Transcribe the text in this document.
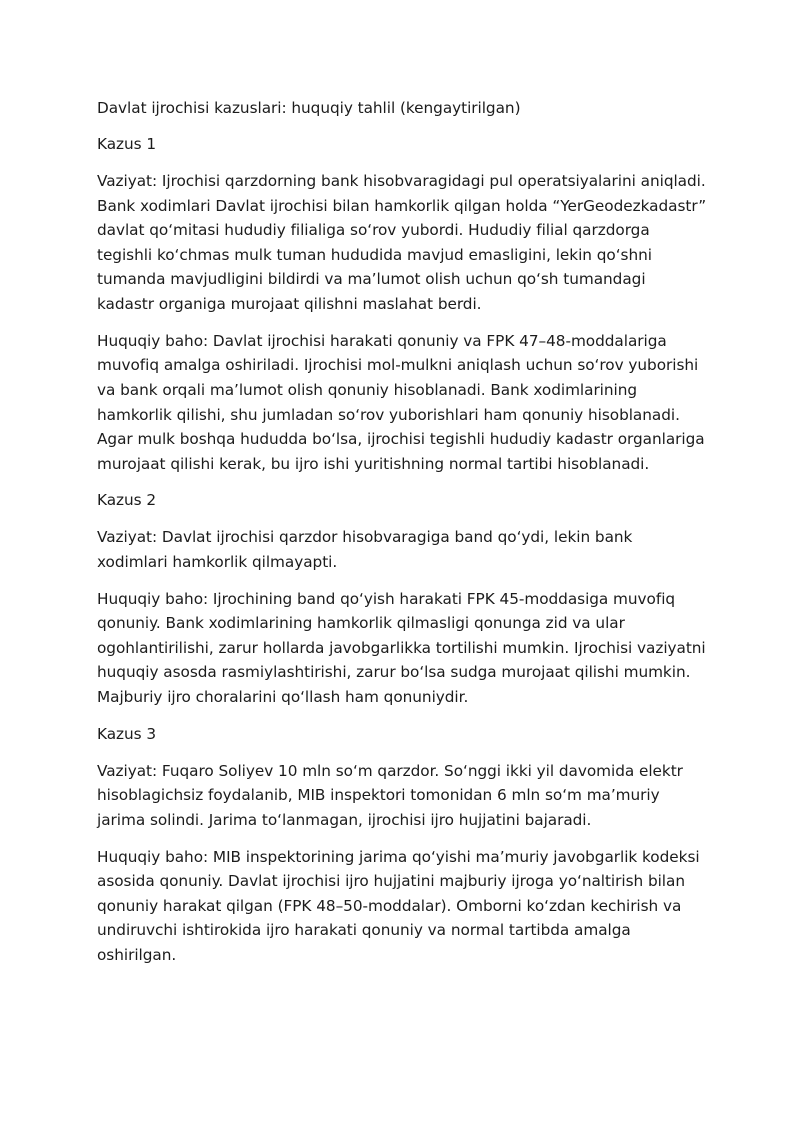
Davlat ijrochisi kazuslari: huquqiy tahlil (kengaytirilgan)

Kazus 1

Vaziyat: Ijrochisi qarzdorning bank hisobvaragidagi pul operatsiyalarini aniqladi. Bank xodimlari Davlat ijrochisi bilan hamkorlik qilgan holda “YerGeodezkadastr” davlat qo‘mitasi hududiy filialiga so‘rov yubordi. Hududiy filial qarzdorga tegishli ko‘chmas mulk tuman hududida mavjud emasligini, lekin qo‘shni tumanda mavjudligini bildirdi va ma’lumot olish uchun qo‘sh tumandagi kadastr organiga murojaat qilishni maslahat berdi.

Huquqiy baho: Davlat ijrochisi harakati qonuniy va FPK 47–48-moddalariga muvofiq amalga oshiriladi. Ijrochisi mol-mulkni aniqlash uchun so‘rov yuborishi va bank orqali ma’lumot olish qonuniy hisoblanadi. Bank xodimlarining hamkorlik qilishi, shu jumladan so‘rov yuborishlari ham qonuniy hisoblanadi. Agar mulk boshqa hududda bo‘lsa, ijrochisi tegishli hududiy kadastr organlariga murojaat qilishi kerak, bu ijro ishi yuritishning normal tartibi hisoblanadi.

Kazus 2

Vaziyat: Davlat ijrochisi qarzdor hisobvaragiga band qo‘ydi, lekin bank xodimlari hamkorlik qilmayapti.

Huquqiy baho: Ijrochining band qo‘yish harakati FPK 45-moddasiga muvofiq qonuniy. Bank xodimlarining hamkorlik qilmasligi qonunga zid va ular ogohlantirilishi, zarur hollarda javobgarlikka tortilishi mumkin. Ijrochisi vaziyatni huquqiy asosda rasmiylashtirishi, zarur bo‘lsa sudga murojaat qilishi mumkin. Majburiy ijro choralarini qo‘llash ham qonuniydir.

Kazus 3

Vaziyat: Fuqaro Soliyev 10 mln so‘m qarzdor. So‘nggi ikki yil davomida elektr hisoblagichsiz foydalanib, MIB inspektori tomonidan 6 mln so‘m ma’muriy jarima solindi. Jarima to‘lanmagan, ijrochisi ijro hujjatini bajaradi.

Huquqiy baho: MIB inspektorining jarima qo‘yishi ma’muriy javobgarlik kodeksi asosida qonuniy. Davlat ijrochisi ijro hujjatini majburiy ijroga yo‘naltirish bilan qonuniy harakat qilgan (FPK 48–50-moddalar). Omborni ko‘zdan kechirish va undiruvchi ishtirokida ijro harakati qonuniy va normal tartibda amalga oshirilgan.
